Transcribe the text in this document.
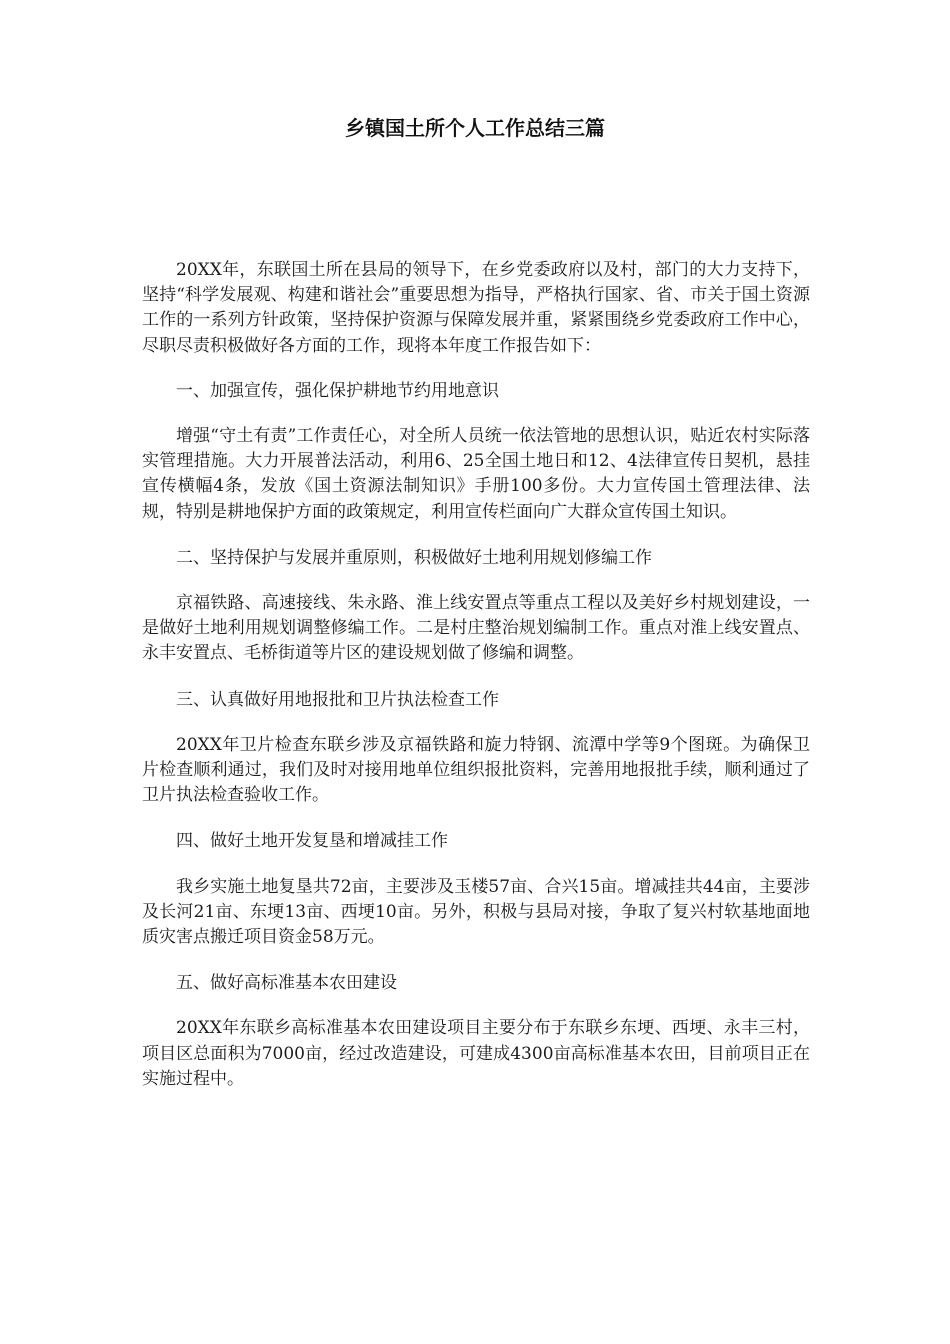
乡镇国土所个人工作总结三篇

20XX年，东联国土所在县局的领导下，在乡党委政府以及村，部门的大力支持下，坚持“科学发展观、构建和谐社会”重要思想为指导，严格执行国家、省、市关于国土资源工作的一系列方针政策，坚持保护资源与保障发展并重，紧紧围绕乡党委政府工作中心，尽职尽责积极做好各方面的工作，现将本年度工作报告如下：

一、加强宣传，强化保护耕地节约用地意识

增强“守土有责”工作责任心，对全所人员统一依法管地的思想认识，贴近农村实际落实管理措施。大力开展普法活动，利用6、25全国土地日和12、4法律宣传日契机，悬挂宣传横幅4条，发放《国土资源法制知识》手册100多份。大力宣传国土管理法律、法规，特别是耕地保护方面的政策规定，利用宣传栏面向广大群众宣传国土知识。

二、坚持保护与发展并重原则，积极做好土地利用规划修编工作

京福铁路、高速接线、朱永路、淮上线安置点等重点工程以及美好乡村规划建设，一是做好土地利用规划调整修编工作。二是村庄整治规划编制工作。重点对淮上线安置点、永丰安置点、毛桥街道等片区的建设规划做了修编和调整。

三、认真做好用地报批和卫片执法检查工作

20XX年卫片检查东联乡涉及京福铁路和旋力特钢、流潭中学等9个图斑。为确保卫片检查顺利通过，我们及时对接用地单位组织报批资料，完善用地报批手续，顺利通过了卫片执法检查验收工作。

四、做好土地开发复垦和增减挂工作

我乡实施土地复垦共72亩，主要涉及玉楼57亩、合兴15亩。增减挂共44亩，主要涉及长河21亩、东埂13亩、西埂10亩。另外，积极与县局对接，争取了复兴村软基地面地质灾害点搬迁项目资金58万元。

五、做好高标准基本农田建设

20XX年东联乡高标准基本农田建设项目主要分布于东联乡东埂、西埂、永丰三村，项目区总面积为7000亩，经过改造建设，可建成4300亩高标准基本农田，目前项目正在实施过程中。
